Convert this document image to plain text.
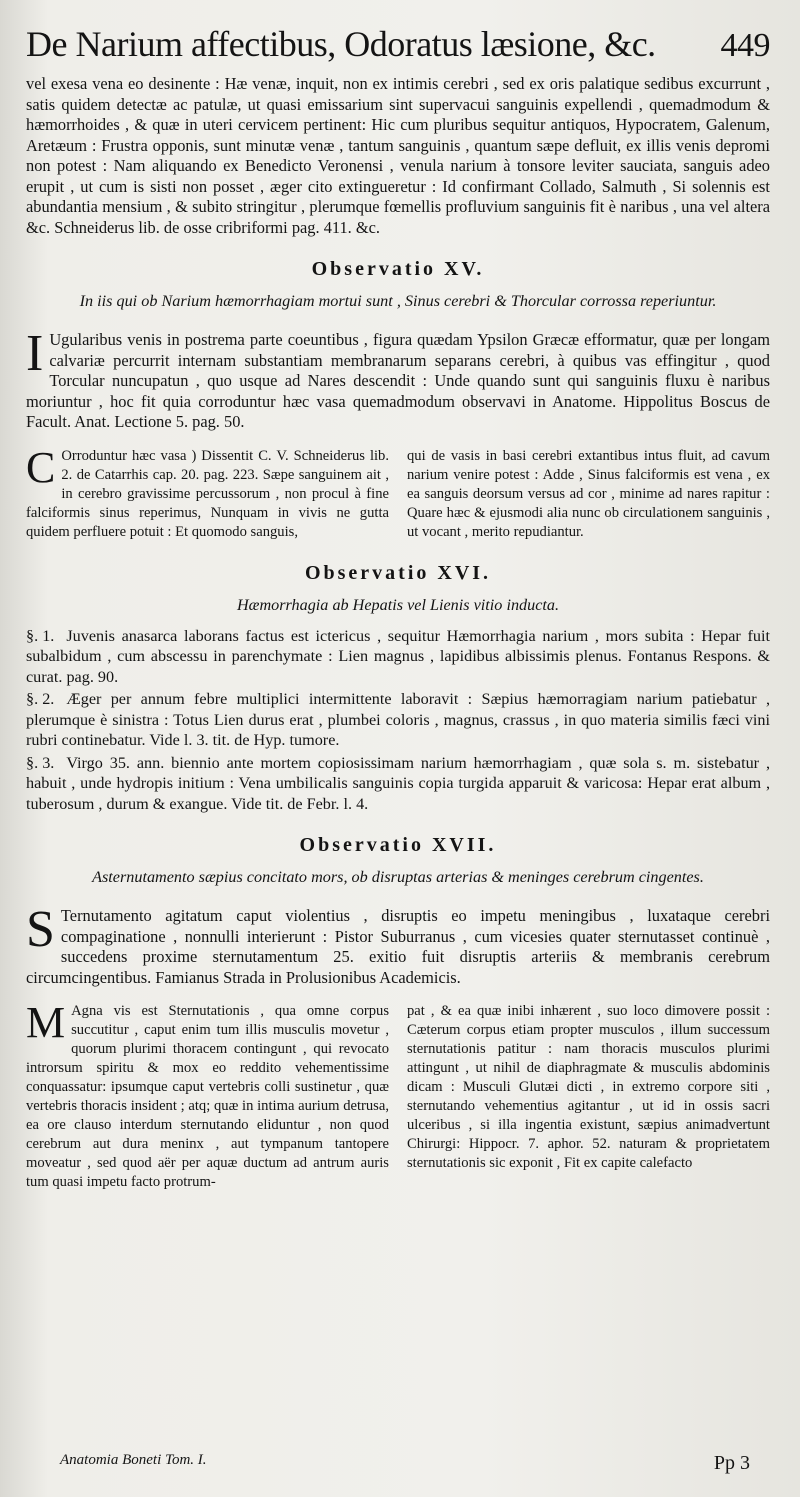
De Narium affectibus, Odoratus læsione, &c. 449

vel exesa vena eo desinente : Hæ venæ, inquit, non ex intimis cerebri , sed ex oris palatique sedibus excurrunt , satis quidem detectæ ac patulæ, ut quasi emissarium sint supervacui sanguinis expellendi , quemadmodum & hæmorrhoides , & quæ in uteri cervicem pertinent: Hic cum pluribus sequitur antiquos, Hypocratem, Galenum, Aretæum : Frustra opponis, sunt minutæ venæ , tantum sanguinis , quantum sæpe defluit, ex illis venis depromi non potest : Nam aliquando ex Benedicto Veronensi , venula narium à tonsore leviter sauciata, sanguis adeo erupit , ut cum is sisti non posset , æger cito extingueretur : Id confirmant Collado, Salmuth , Si solennis est abundantia mensium , & subito stringitur , plerumque fœmellis profluvium sanguinis fit è naribus , una vel altera &c. Schneiderus lib. de osse cribriformi pag. 411. &c.

Observatio XV.

In iis qui ob Narium hæmorrhagiam mortui sunt , Sinus cerebri & Thorcular corrossa reperiuntur.

I Ugularibus venis in postrema parte coeuntibus , figura quædam Ypsilon Græcæ efformatur, quæ per longam calvariæ percurrit internam substantiam membranarum separans cerebri, à quibus vas effingitur , quod Torcular nuncupatun , quo usque ad Nares descendit : Unde quando sunt qui sanguinis fluxu è naribus moriuntur , hoc fit quia corroduntur hæc vasa quemadmodum observavi in Anatome. Hippolitus Boscus de Facult. Anat. Lectione 5. pag. 50.

C Orroduntur hæc vasa ) Dissentit C. V. Schneiderus lib. 2. de Catarrhis cap. 20. pag. 223. Sæpe sanguinem ait , in cerebro gravissime percussorum , non procul à fine falciformis sinus reperimus, Nunquam in vivis ne gutta quidem perfluere potuit : Et quomodo sanguis,
qui de vasis in basi cerebri extantibus intus fluit, ad cavum narium venire potest : Adde , Sinus falciformis est vena , ex ea sanguis deorsum versus ad cor , minime ad nares rapitur : Quare hæc & ejusmodi alia nunc ob circulationem sanguinis , ut vocant , merito repudiantur.
Observatio XVI.

Hæmorrhagia ab Hepatis vel Lienis vitio inducta.

§. 1. Juvenis anasarca laborans factus est ictericus , sequitur Hæmorrhagia narium , mors subita : Hepar fuit subalbidum , cum abscessu in parenchymate : Lien magnus , lapidibus albissimis plenus. Fontanus Respons. & curat. pag. 90.

§. 2. Æger per annum febre multiplici intermittente laboravit : Sæpius hæmorragiam narium patiebatur , plerumque è sinistra : Totus Lien durus erat , plumbei coloris , magnus, crassus , in quo materia similis fæci vini rubri continebatur. Vide l. 3. tit. de Hyp. tumore.

§. 3. Virgo 35. ann. biennio ante mortem copiosissimam narium hæmorrhagiam , quæ sola s. m. sistebatur , habuit , unde hydropis initium : Vena umbilicalis sanguinis copia turgida apparuit & varicosa: Hepar erat album , tuberosum , durum & exangue. Vide tit. de Febr. l. 4.

Observatio XVII.

Asternutamento sæpius concitato mors, ob disruptas arterias & meninges cerebrum cingentes.

S Ternutamento agitatum caput violentius , disruptis eo impetu meningibus , luxataque cerebri compaginatione , nonnulli interierunt : Pistor Suburranus , cum vicesies quater sternutasset continuè , succedens proxime sternutamentum 25. exitio fuit disruptis arteriis & membranis cerebrum circumcingentibus. Famianus Strada in Prolusionibus Academicis.

M Agna vis est Sternutationis , qua omne corpus succutitur , caput enim tum illis musculis movetur , quorum plurimi thoracem contingunt , qui revocato introrsum spiritu & mox eo reddito vehementissime conquassatur: ipsumque caput vertebris colli sustinetur , quæ vertebris thoracis insident ; atq; quæ in intima aurium detrusa, ea ore clauso interdum sternutando eliduntur , non quod cerebrum aut dura meninx , aut tympanum tantopere moveatur , sed quod aër per aquæ ductum ad antrum auris tum quasi impetu facto protrum-
pat , & ea quæ inibi inhærent , suo loco dimovere possit : Cæterum corpus etiam propter musculos , illum successum sternutationis patitur : nam thoracis musculos plurimi attingunt , ut nihil de diaphragmate & musculis abdominis dicam : Musculi Glutæi dicti , in extremo corpore siti , sternutando vehementius agitantur , ut id in ossis sacri ulceribus , si illa ingentia existunt, sæpius animadvertunt Chirurgi: Hippocr. 7. aphor. 52. naturam & proprietatem sternutationis sic exponit , Fit ex capite calefacto
Anatomia Boneti Tom. I.	Pp 3
